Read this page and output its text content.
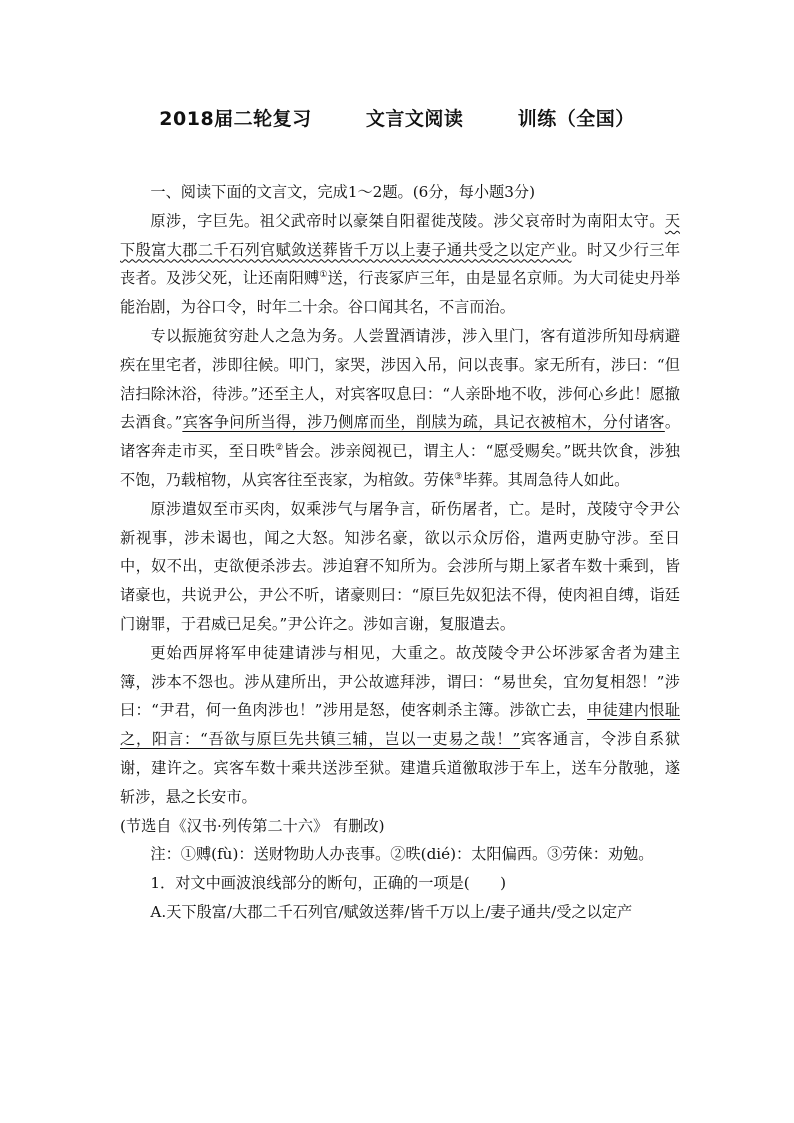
2018届二轮复习	文言文阅读	训练（全国）

一、阅读下面的文言文，完成1～2题。(6分，每小题3分)

原涉，字巨先。祖父武帝时以豪桀自阳翟徙茂陵。涉父哀帝时为南阳太守。天下殷富大郡二千石列官赋敛送葬皆千万以上妻子通共受之以定产业。时又少行三年丧者。及涉父死，让还南阳赙①送，行丧冢庐三年，由是显名京师。为大司徒史丹举能治剧，为谷口令，时年二十余。谷口闻其名，不言而治。

专以振施贫穷赴人之急为务。人尝置酒请涉，涉入里门，客有道涉所知母病避疾在里宅者，涉即往候。叩门，家哭，涉因入吊，问以丧事。家无所有，涉曰：“但洁扫除沐浴，待涉。”还至主人，对宾客叹息曰：“人亲卧地不收，涉何心乡此！愿撤去酒食。”宾客争问所当得，涉乃侧席而坐，削牍为疏，具记衣被棺木，分付诸客。诸客奔走市买，至日昳②皆会。涉亲阅视已，谓主人：“愿受赐矣。”既共饮食，涉独不饱，乃载棺物，从宾客往至丧家，为棺敛。劳俫③毕葬。其周急待人如此。

原涉遣奴至市买肉，奴乘涉气与屠争言，斫伤屠者，亡。是时，茂陵守令尹公新视事，涉未谒也，闻之大怒。知涉名豪，欲以示众厉俗，遣两吏胁守涉。至日中，奴不出，吏欲便杀涉去。涉迫窘不知所为。会涉所与期上冢者车数十乘到，皆诸豪也，共说尹公，尹公不听，诸豪则曰：“原巨先奴犯法不得，使肉袒自缚，诣廷门谢罪，于君威已足矣。”尹公许之。涉如言谢，复服遣去。

更始西屏将军申徒建请涉与相见，大重之。故茂陵令尹公坏涉冢舍者为建主簿，涉本不怨也。涉从建所出，尹公故遮拜涉，谓曰：“易世矣，宜勿复相怨！”涉曰：“尹君，何一鱼肉涉也！”涉用是怒，使客刺杀主簿。涉欲亡去，申徒建内恨耻之，阳言：“吾欲与原巨先共镇三辅，岂以一吏易之哉！”宾客通言，令涉自系狱谢，建许之。宾客车数十乘共送涉至狱。建遣兵道徼取涉于车上，送车分散驰，遂斩涉，悬之长安市。

(节选自《汉书·列传第二十六》 有删改)

注：①赙(fù)：送财物助人办丧事。②昳(dié)：太阳偏西。③劳俫：劝勉。

1．对文中画波浪线部分的断句，正确的一项是(　　)

A.天下殷富/大郡二千石列官/赋敛送葬/皆千万以上/妻子通共/受之以定产
